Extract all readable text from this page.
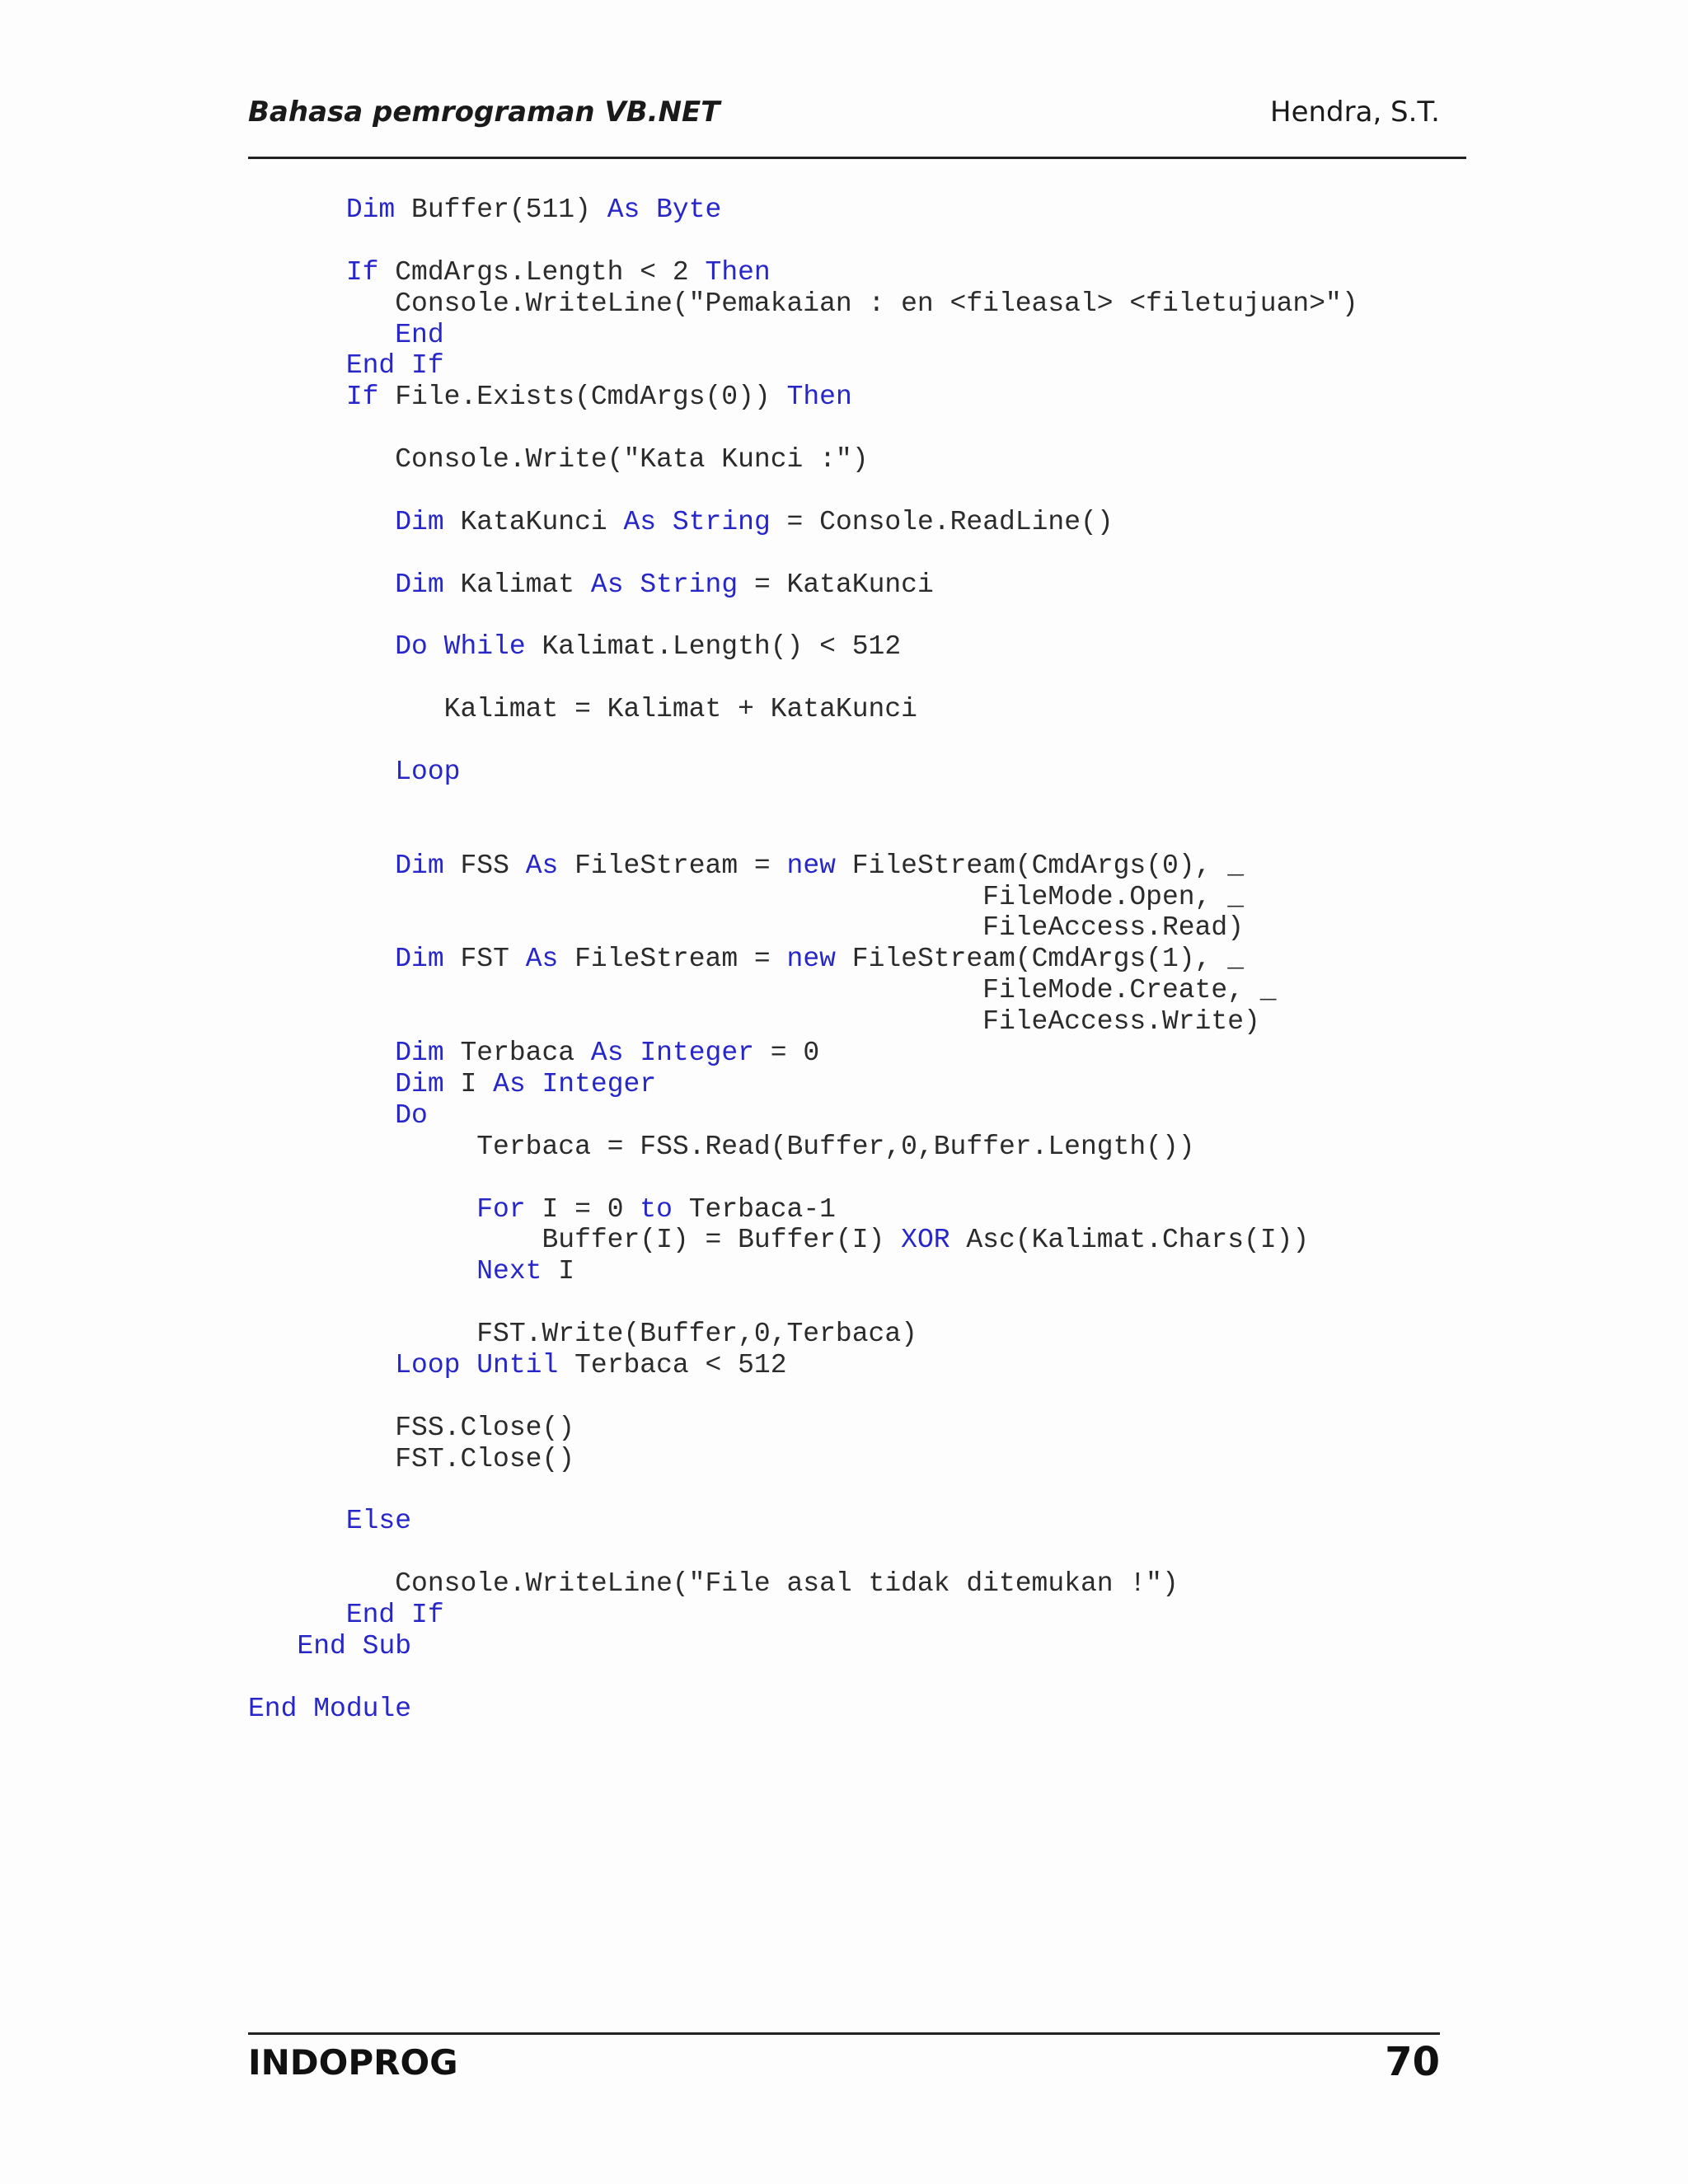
Bahasa pemrograman VB.NET	Hendra, S.T.
Dim Buffer(511) As Byte
If CmdArgs.Length < 2 Then
Console.WriteLine("Pemakaian : en <fileasal> <filetujuan>")
End
End If
If File.Exists(CmdArgs(0)) Then
Console.Write("Kata Kunci :")
Dim KataKunci As String = Console.ReadLine()
Dim Kalimat As String = KataKunci
Do While Kalimat.Length() < 512
Kalimat = Kalimat + KataKunci
Loop
Dim FSS As FileStream = new FileStream(CmdArgs(0), _
FileMode.Open, _
FileAccess.Read)
Dim FST As FileStream = new FileStream(CmdArgs(1), _
FileMode.Create, _
FileAccess.Write)
Dim Terbaca As Integer = 0
Dim I As Integer
Do
Terbaca = FSS.Read(Buffer,0,Buffer.Length())
For I = 0 to Terbaca-1
Buffer(I) = Buffer(I) XOR Asc(Kalimat.Chars(I))
Next I
FST.Write(Buffer,0,Terbaca)
Loop Until Terbaca < 512
FSS.Close()
FST.Close()
Else
Console.WriteLine("File asal tidak ditemukan !")
End If
End Sub
End Module
INDOPROG	70
